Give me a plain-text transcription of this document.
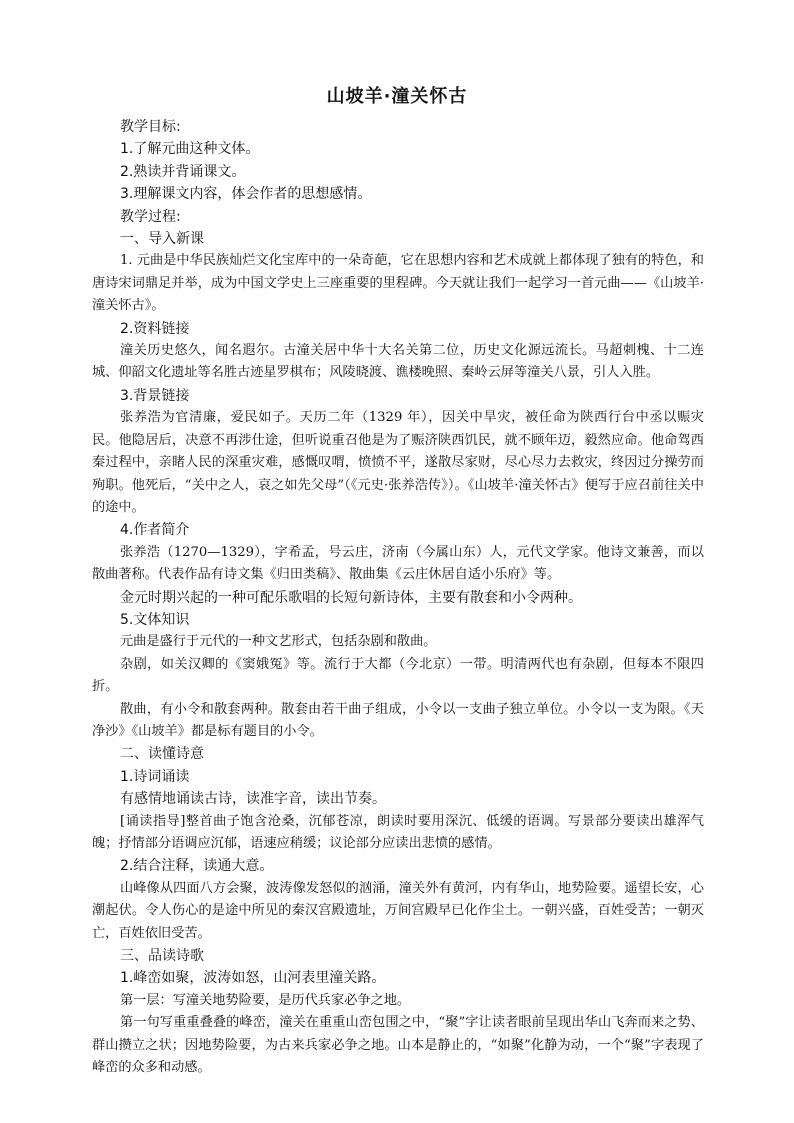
山坡羊·潼关怀古
教学目标:
1.了解元曲这种文体。
2.熟读并背诵课文。
3.理解课文内容，体会作者的思想感情。
教学过程:
一、导入新课

1. 元曲是中华民族灿烂文化宝库中的一朵奇葩，它在思想内容和艺术成就上都体现了独有的特色，和唐诗宋词鼎足并举，成为中国文学史上三座重要的里程碑。今天就让我们一起学习一首元曲——《山坡羊·潼关怀古》。

2.资料链接

潼关历史悠久，闻名遐尔。古潼关居中华十大名关第二位，历史文化源远流长。马超刺槐、十二连城、仰韶文化遗址等名胜古迹星罗棋布；风陵晓渡、谯楼晚照、秦岭云屏等潼关八景，引人入胜。

3.背景链接

张养浩为官清廉，爱民如子。天历二年（1329 年），因关中旱灾，被任命为陕西行台中丞以赈灾民。他隐居后，决意不再涉仕途，但听说重召他是为了赈济陕西饥民，就不顾年迈，毅然应命。他命驾西秦过程中，亲睹人民的深重灾难，感慨叹喟，愤愤不平，遂散尽家财，尽心尽力去救灾，终因过分操劳而殉职。他死后，“关中之人，哀之如先父母”（《元史·张养浩传》）。《山坡羊·潼关怀古》便写于应召前往关中的途中。

4.作者简介

张养浩（1270—1329），字希孟，号云庄，济南（今属山东）人，元代文学家。他诗文兼善，而以散曲著称。代表作品有诗文集《归田类稿》、散曲集《云庄休居自适小乐府》等。

金元时期兴起的一种可配乐歌唱的长短句新诗体，主要有散套和小令两种。
5.文体知识

元曲是盛行于元代的一种文艺形式，包括杂剧和散曲。

杂剧，如关汉卿的《窦娥冤》等。流行于大都（今北京）一带。明清两代也有杂剧，但每本不限四折。

散曲，有小令和散套两种。散套由若干曲子组成，小令以一支曲子独立单位。小令以一支为限。《天净沙》《山坡羊》都是标有题目的小令。

二、读懂诗意
1.诗词诵读
有感情地诵读古诗，读准字音，读出节奏。

[诵读指导]整首曲子饱含沧桑，沉郁苍凉，朗读时要用深沉、低缓的语调。写景部分要读出雄浑气魄；抒情部分语调应沉郁，语速应稍缓；议论部分应读出悲愤的感情。

2.结合注释，读通大意。

山峰像从四面八方会聚，波涛像发怒似的汹涌，潼关外有黄河，内有华山，地势险要。遥望长安，心潮起伏。令人伤心的是途中所见的秦汉宫殿遗址，万间宫殿早已化作尘土。一朝兴盛，百姓受苦；一朝灭亡，百姓依旧受苦。

三、品读诗歌
1.峰峦如聚，波涛如怒，山河表里潼关路。

第一层：写潼关地势险要，是历代兵家必争之地。

第一句写重重叠叠的峰峦，潼关在重重山峦包围之中，“聚”字让读者眼前呈现出华山飞奔而来之势、群山攒立之状；因地势险要，为古来兵家必争之地。山本是静止的，“如聚”化静为动，一个“聚”字表现了峰峦的众多和动感。
